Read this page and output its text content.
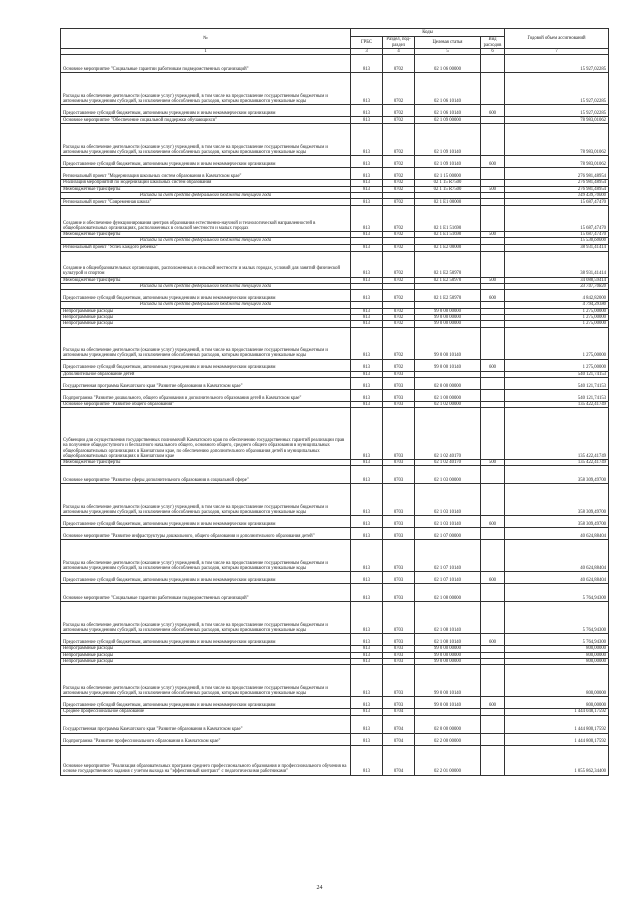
№	Коды				Годовой объем ассигнований
	ГРБС	Раздел, под-раздел	Целевая статья	Вид расходов	
1	3	4	5	6	7
Основное мероприятие "Социальные гарантии работникам подведомственных организаций"	813	0702	02 1 06 00000		15 927,02285
Расходы на обеспечение деятельности (оказание услуг) учреждений, в том числе на предоставление государственным бюджетным и автономным учреждениям субсидий, за исключением обособленных расходов, которым присваиваются уникальные коды	813	0702	02 1 06 10140		15 927,02285
Предоставление субсидий бюджетным, автономным учреждениям и иным некоммерческим организациям	813	0702	02 1 06 10140	600	15 927,02285
Основное мероприятие "Обеспечение социальной поддержки обучающихся"	813	0702	02 1 09 00000		78 983,01062
Расходы на обеспечение деятельности (оказание услуг) учреждений, в том числе на предоставление государственным бюджетным и автономным учреждениям субсидий, за исключением обособленных расходов, которым присваиваются уникальные коды	813	0702	02 1 09 10140		78 983,01062
Предоставление субсидий бюджетным, автономным учреждениям и иным некоммерческим организациям	813	0702	02 1 09 10140	600	78 983,01062
Региональный проект "Модернизация школьных систем образования в Камчатском крае"	813	0702	02 1 15 00000		276 981,48954
Реализация мероприятий по модернизации школьных систем образования	813	0702	02 1 15 R7500		276 981,48954
Межбюджетные трансферты	813	0702	02 1 15 R7500	500	276 981,48954
Расходы за счет средств федерального бюджета текущего года					149 439,70000
Региональный проект "Современная школа"	813	0702	02 1 E1 00000		15 687,47470
Создание и обеспечение функционирования центров образования естественно-научной и технологической направленностей в общеобразовательных организациях, расположенных в сельской местности и малых городах	813	0702	02 1 E1 51690		15 687,47470
Межбюджетные трансферты	813	0702	02 1 E1 51690	500	15 687,47470
Расходы за счет средств федерального бюджета текущего года					15 530,60000
Региональный проект "Успех каждого ребенка"	813	0702	02 1 E2 00000		38 931,41414
Создание в общеобразовательных организациях, расположенных в сельской местности и малых городах, условий для занятий физической культурой и спортом	813	0702	02 1 E2 50970		38 931,41414
Межбюджетные трансферты	813	0702	02 1 E2 50970	500	34 088,59414
Расходы за счет средств федерального бюджета текущего года					33 747,70820
Предоставление субсидий бюджетным, автономным учреждениям и иным некоммерческим организациям	813	0702	02 1 E2 50970	600	4 842,82000
Расходы за счет средств федерального бюджета текущего года					4 794,39180
Непрограммные расходы	813	0702	99 0 00 00000		1 275,00000
Непрограммные расходы	813	0702	99 0 00 00000		1 275,00000
Непрограммные расходы	813	0702	99 0 00 00000		1 275,00000
Расходы на обеспечение деятельности (оказание услуг) учреждений, в том числе на предоставление государственным бюджетным и автономным учреждениям субсидий, за исключением обособленных расходов, которым присваиваются уникальные коды	813	0702	99 0 00 10140		1 275,00000
Предоставление субсидий бюджетным, автономным учреждениям и иным некоммерческим организациям	813	0702	99 0 00 10140	600	1 275,00000
Дополнительное образование детей	813	0703			540 121,74153
Государственная программа Камчатского края "Развитие образования в Камчатском крае"	813	0703	02 0 00 00000		540 121,74153
Подпрограмма "Развитие дошкольного, общего образования и дополнительного образования детей в Камчатском крае"	813	0703	02 1 00 00000		540 121,74153
Основное мероприятие "Развитие общего образования"	813	0703	02 1 02 00000		135 422,41749
Субвенции для осуществления государственных полномочий Камчатского края по обеспечению государственных гарантий реализации прав на получение общедоступного и бесплатного начального общего, основного общего, среднего общего образования в муниципальных общеобразовательных организациях в Камчатском крае, по обеспечению дополнительного образования детей в муниципальных общеобразовательных организациях в Камчатском крае	813	0703	02 1 02 40170		135 422,41749
Межбюджетные трансферты	813	0703	02 1 02 40170	500	135 422,41749
Основное мероприятие "Развитие сферы дополнительного образования в социальной сфере"	813	0703	02 1 03 00000		358 309,49700
Расходы на обеспечение деятельности (оказание услуг) учреждений, в том числе на предоставление государственным бюджетным и автономным учреждениям субсидий, за исключением обособленных расходов, которым присваиваются уникальные коды	813	0703	02 1 03 10140		358 309,49700
Предоставление субсидий бюджетным, автономным учреждениям и иным некоммерческим организациям	813	0703	02 1 03 10140	600	358 309,49700
Основное мероприятие "Развитие инфраструктуры дошкольного, общего образования и дополнительного образования детей"	813	0703	02 1 07 00000		40 624,88404
Расходы на обеспечение деятельности (оказание услуг) учреждений, в том числе на предоставление государственным бюджетным и автономным учреждениям субсидий, за исключением обособленных расходов, которым присваиваются уникальные коды	813	0703	02 1 07 10140		40 624,88404
Предоставление субсидий бюджетным, автономным учреждениям и иным некоммерческим организациям	813	0703	02 1 07 10140	600	40 624,88404
Основное мероприятие "Социальные гарантии работникам подведомственных организаций"	813	0703	02 1 08 00000		5 764,94300
Расходы на обеспечение деятельности (оказание услуг) учреждений, в том числе на предоставление государственным бюджетным и автономным учреждениям субсидий, за исключением обособленных расходов, которым присваиваются уникальные коды	813	0703	02 1 08 10140		5 764,94300
Предоставление субсидий бюджетным, автономным учреждениям и иным некоммерческим организациям	813	0703	02 1 08 10140	600	5 764,94300
Непрограммные расходы	813	0703	99 0 00 00000		800,00000
Непрограммные расходы	813	0703	99 0 00 00000		800,00000
Непрограммные расходы	813	0703	99 0 00 00000		800,00000
Расходы на обеспечение деятельности (оказание услуг) учреждений, в том числе на предоставление государственным бюджетным и автономным учреждениям субсидий, за исключением обособленных расходов, которым присваиваются уникальные коды	813	0703	99 0 00 10140		800,00000
Предоставление субсидий бюджетным, автономным учреждениям и иным некоммерческим организациям	813	0703	99 0 00 10140	600	800,00000
Среднее профессиональное образование	813	0704			1 444 048,17592
Государственная программа Камчатского края "Развитие образования в Камчатском крае"	813	0704	02 0 00 00000		1 444 800,17592
Подпрограмма "Развитие профессионального образования в Камчатском крае"	813	0704	02 2 00 00000		1 444 800,17592
Основное мероприятие "Реализация образовательных программ среднего профессионального образования и профессионального обучения на основе государственного задания с учетом выхода на "эффективный контракт" с педагогическими работниками"	813	0704	02 2 01 00000		1 055 862,34400
24
